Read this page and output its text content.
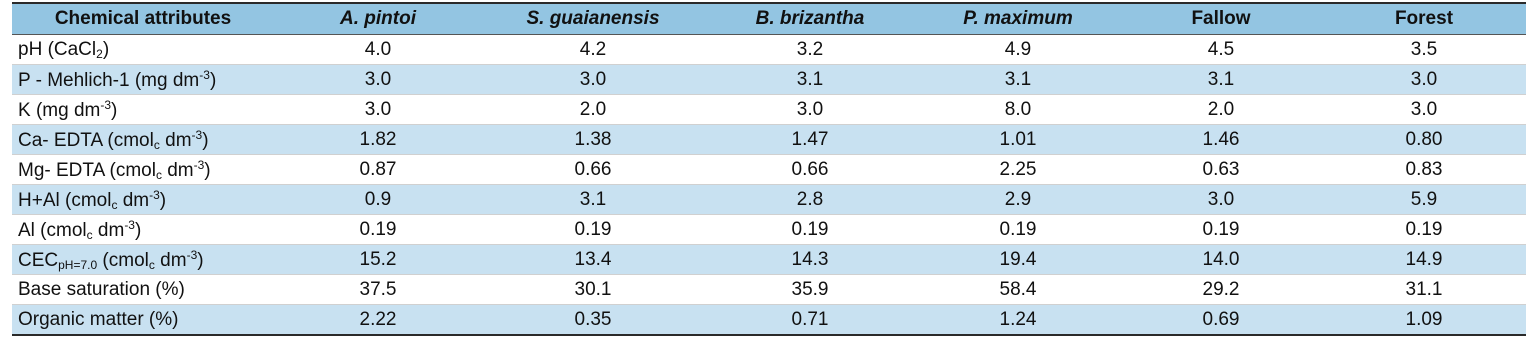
Chemical attributes	A. pintoi	S. guaianensis	B. brizantha	P. maximum	Fallow	Forest
pH (CaCl$_2$)	4.0	4.2	3.2	4.9	4.5	3.5
P - Mehlich-1 (mg $dm^{-3}$)	3.0	3.0	3.1	3.1	3.1	3.0
K (mg $dm^{-3}$)	3.0	2.0	3.0	8.0	2.0	3.0
Ca- EDTA (cmol$_c$ $dm^{-3}$)	1.82	1.38	1.47	1.01	1.46	0.80
Mg- EDTA (cmol$_c$ $dm^{-3}$)	0.87	0.66	0.66	2.25	0.63	0.83
H+Al (cmol$_c$ $dm^{-3}$)	0.9	3.1	2.8	2.9	3.0	5.9
Al (cmol$_c$ $dm^{-3}$)	0.19	0.19	0.19	0.19	0.19	0.19
$CEC_{pH=7.0}$ (cmol$_c$ $dm^{-3}$)	15.2	13.4	14.3	19.4	14.0	14.9
Base saturation (%)	37.5	30.1	35.9	58.4	29.2	31.1
Organic matter (%)	2.22	0.35	0.71	1.24	0.69	1.09
